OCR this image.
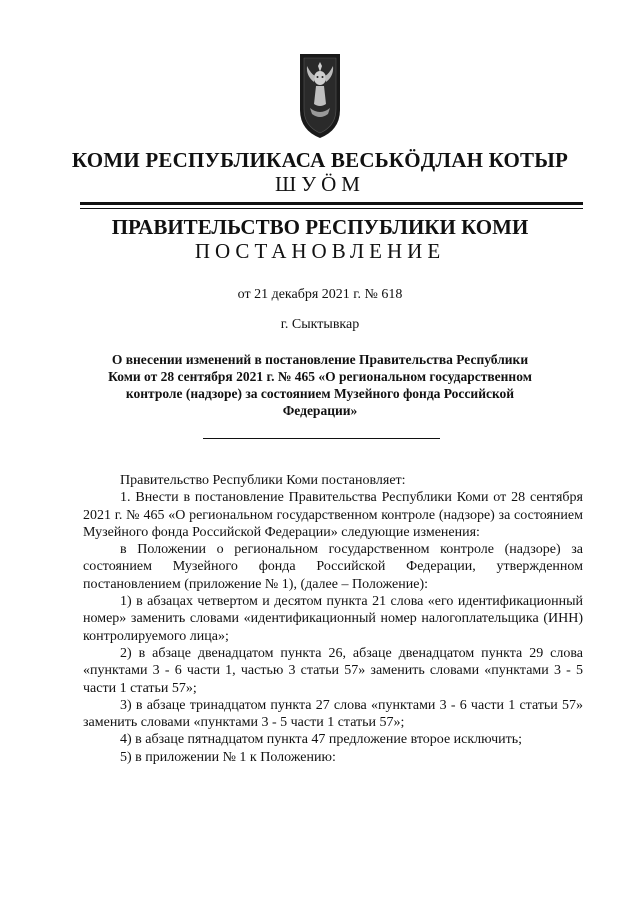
КОМИ РЕСПУБЛИКАСА ВЕСЬКÖДЛАН КОТЫР
ШУÖМ
ПРАВИТЕЛЬСТВО РЕСПУБЛИКИ КОМИ
ПОСТАНОВЛЕНИЕ
от 21 декабря 2021 г. № 618
г. Сыктывкар
О внесении изменений в постановление Правительства Республики Коми от 28 сентября 2021 г. № 465 «О региональном государственном контроле (надзоре) за состоянием Музейного фонда Российской Федерации»

Правительство Республики Коми постановляет:

1. Внести в постановление Правительства Республики Коми от 28 сентября 2021 г. № 465 «О региональном государственном контроле (надзоре) за состоянием Музейного фонда Российской Федерации» следующие изменения:

в Положении о региональном государственном контроле (надзоре) за состоянием Музейного фонда Российской Федерации, утвержденном постановлением (приложение № 1), (далее – Положение):

1) в абзацах четвертом и десятом пункта 21 слова «его идентификационный номер» заменить словами «идентификационный номер налогоплательщика (ИНН) контролируемого лица»;

2) в абзаце двенадцатом пункта 26, абзаце двенадцатом пункта 29 слова «пунктами 3 - 6 части 1, частью 3 статьи 57» заменить словами «пунктами 3 - 5 части 1 статьи 57»;

3) в абзаце тринадцатом пункта 27 слова «пунктами 3 - 6 части 1 статьи 57» заменить словами «пунктами 3 - 5 части 1 статьи 57»;

4) в абзаце пятнадцатом пункта 47 предложение второе исключить;

5) в приложении № 1 к Положению:
